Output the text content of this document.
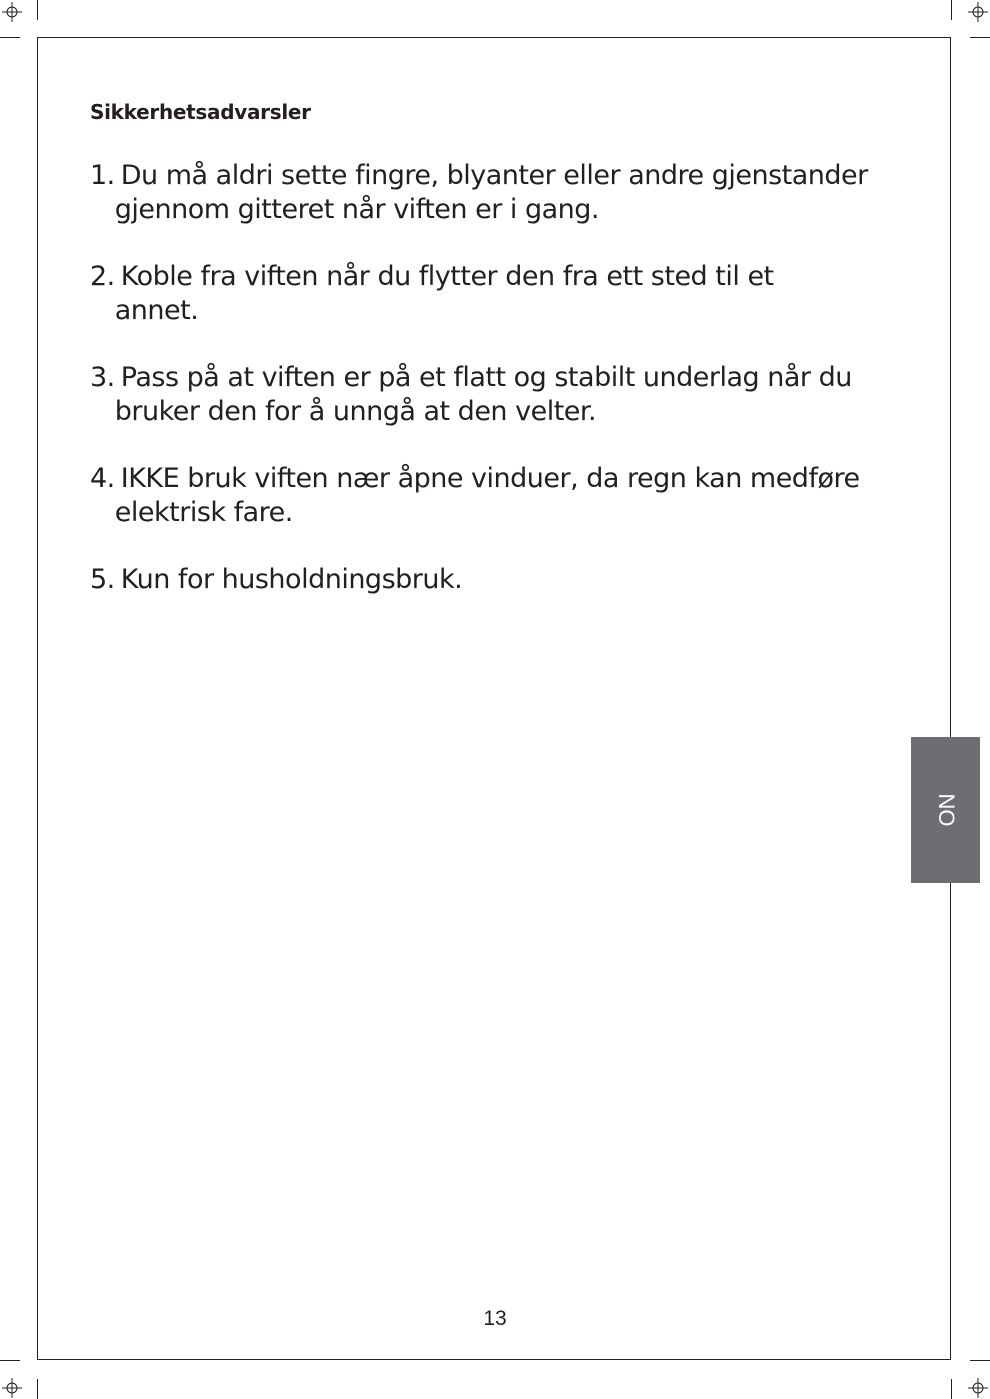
Sikkerhetsadvarsler
1. Du må aldri sette fingre, blyanter eller andre gjenstander
gjennom gitteret når viften er i gang.
2. Koble fra viften når du flytter den fra ett sted til et
annet.
3. Pass på at viften er på et flatt og stabilt underlag når du
bruker den for å unngå at den velter.
4. IKKE bruk viften nær åpne vinduer, da regn kan medføre
elektrisk fare.
5. Kun for husholdningsbruk.
NO
13
